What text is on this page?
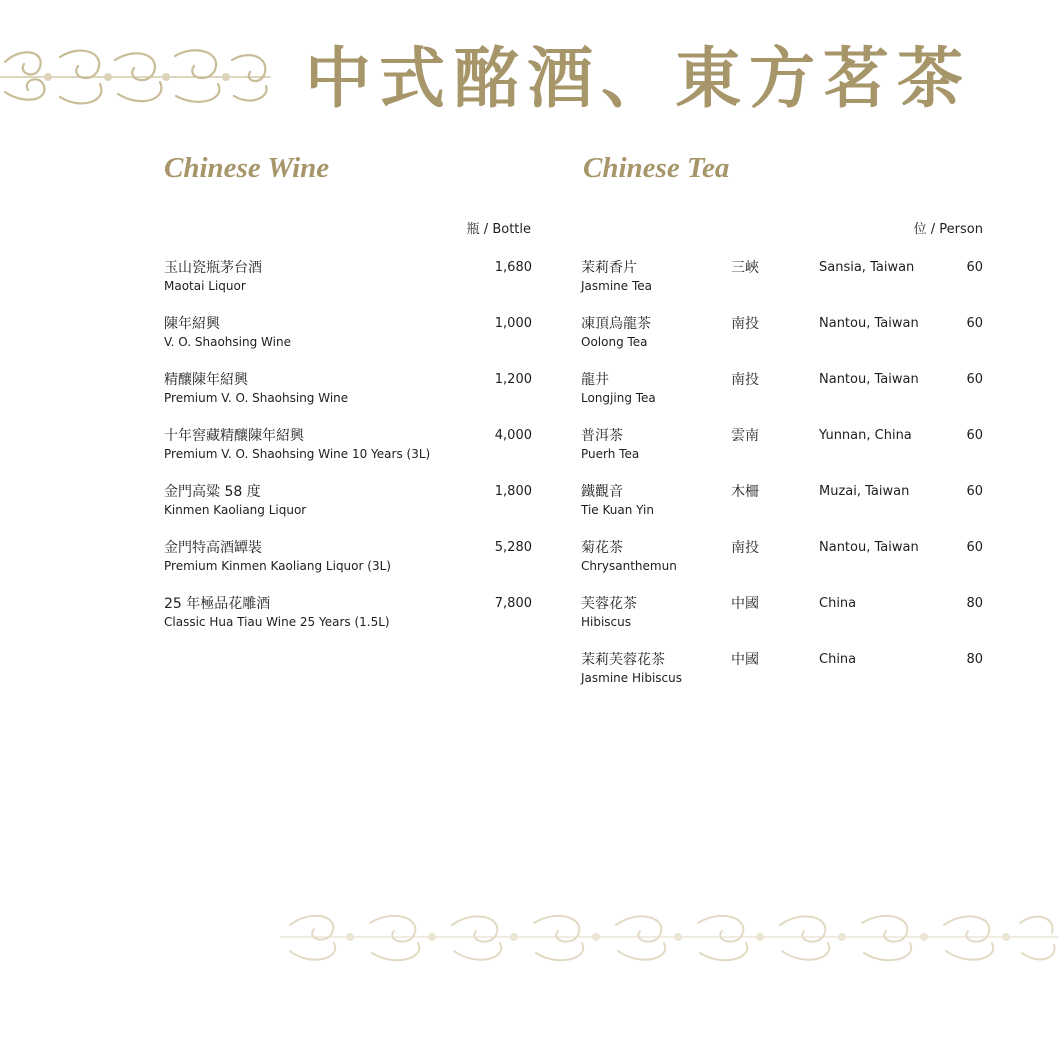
中式酩酒、東方茗茶
Chinese Wine	Chinese Tea
瓶 / Bottle	位 / Person
玉山瓷瓶茅台酒
Maotai Liquor
1,680
陳年紹興
V. O. Shaohsing Wine
1,000
精釀陳年紹興
Premium V. O. Shaohsing Wine
1,200
十年窖藏精釀陳年紹興
Premium V. O. Shaohsing Wine 10 Years (3L)
4,000
金門高粱 58 度
Kinmen Kaoliang Liquor
1,800
金門特高酒罈裝
Premium Kinmen Kaoliang Liquor (3L)
5,280
25 年極品花雕酒
Classic Hua Tiau Wine 25 Years (1.5L)
7,800
茉莉香片
Jasmine Tea
三峽	Sansia, Taiwan	60
凍頂烏龍茶
Oolong Tea
南投	Nantou, Taiwan	60
龍井
Longjing Tea
南投	Nantou, Taiwan	60
普洱茶
Puerh Tea
雲南	Yunnan, China	60
鐵觀音
Tie Kuan Yin
木柵	Muzai, Taiwan	60
菊花茶
Chrysanthemun
南投	Nantou, Taiwan	60
芙蓉花茶
Hibiscus
中國	China	80
茉莉芙蓉花茶
Jasmine Hibiscus
中國	China	80
